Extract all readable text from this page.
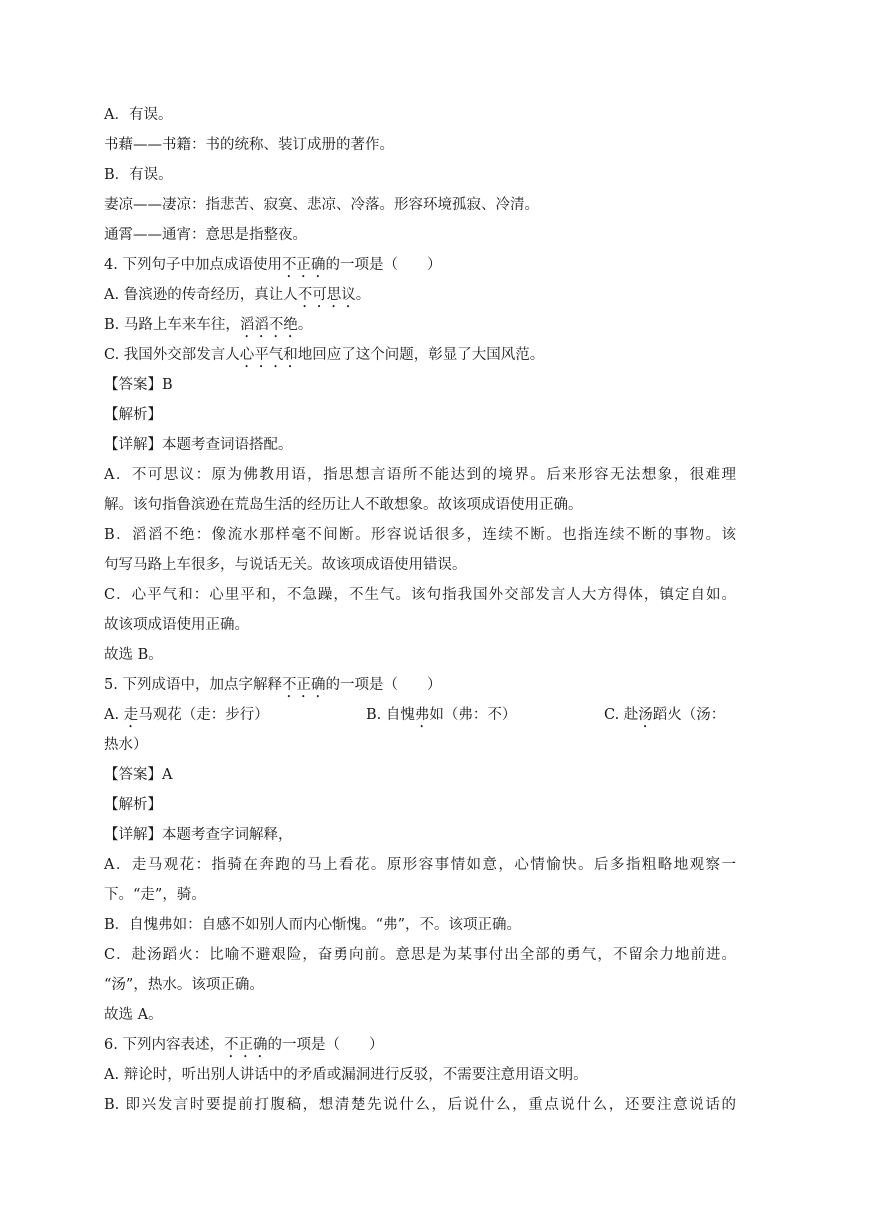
A．有误。
书藉——书籍：书的统称、装订成册的著作。
B．有误。
妻凉——凄凉：指悲苦、寂寞、悲凉、冷落。形容环境孤寂、冷清。
通霄——通宵：意思是指整夜。
4. 下列句子中加点成语使用不正确的一项是（　　）
A. 鲁滨逊的传奇经历，真让人不可思议。
B. 马路上车来车往，滔滔不绝。
C. 我国外交部发言人心平气和地回应了这个问题，彰显了大国风范。
【答案】B
【解析】
【详解】本题考查词语搭配。
A．不可思议：原为佛教用语，指思想言语所不能达到的境界。后来形容无法想象，很难理
解。该句指鲁滨逊在荒岛生活的经历让人不敢想象。故该项成语使用正确。
B．滔滔不绝：像流水那样毫不间断。形容说话很多，连续不断。也指连续不断的事物。该
句写马路上车很多，与说话无关。故该项成语使用错误。
C．心平气和：心里平和，不急躁，不生气。该句指我国外交部发言人大方得体，镇定自如。
故该项成语使用正确。
故选 B。
5. 下列成语中，加点字解释不正确的一项是（　　）
A. 走马观花（走：步行）	B. 自愧弗如（弗：不）	C. 赴汤蹈火（汤：
热水）
【答案】A
【解析】
【详解】本题考查字词解释，
A．走马观花：指骑在奔跑的马上看花。原形容事情如意，心情愉快。后多指粗略地观察一
下。“走”，骑。
B．自愧弗如：自感不如别人而内心惭愧。“弗”，不。该项正确。
C．赴汤蹈火：比喻不避艰险，奋勇向前。意思是为某事付出全部的勇气，不留余力地前进。
“汤”，热水。该项正确。
故选 A。
6. 下列内容表述，不正确的一项是（　　）
A. 辩论时，听出别人讲话中的矛盾或漏洞进行反驳，不需要注意用语文明。
B. 即兴发言时要提前打腹稿，想清楚先说什么，后说什么，重点说什么，还要注意说话的
